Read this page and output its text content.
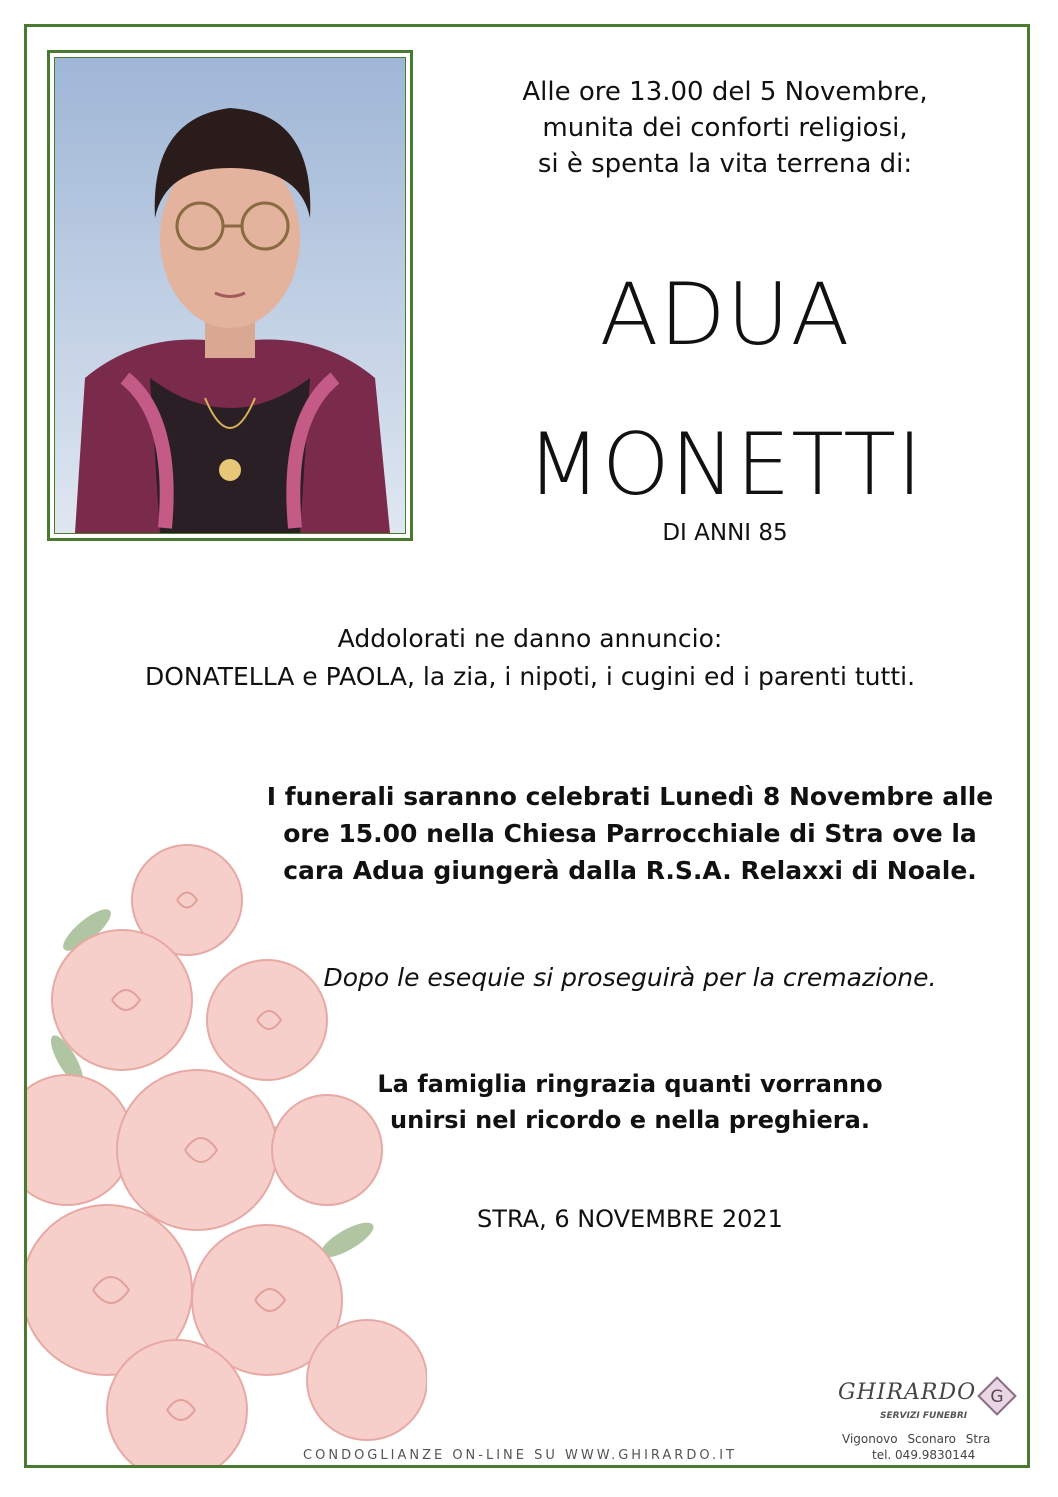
Alle ore 13.00 del 5 Novembre,
munita dei conforti religiosi,
si è spenta la vita terrena di:
ADUA
MONETTI
DI ANNI 85
Addolorati ne danno annuncio:
DONATELLA e PAOLA, la zia, i nipoti, i cugini ed i parenti tutti.
I funerali saranno celebrati Lunedì 8 Novembre alle
ore 15.00 nella Chiesa Parrocchiale di Stra ove la
cara Adua giungerà dalla R.S.A. Relaxxi di Noale.
Dopo le esequie si proseguirà per la cremazione.
La famiglia ringrazia quanti vorranno
unirsi nel ricordo e nella preghiera.
STRA, 6 NOVEMBRE 2021
CONDOGLIANZE ON-LINE SU WWW.GHIRARDO.IT
GHIRARDO
SERVIZI FUNEBRI
G
Vigonovo Sconaro Stra
tel. 049.9830144
